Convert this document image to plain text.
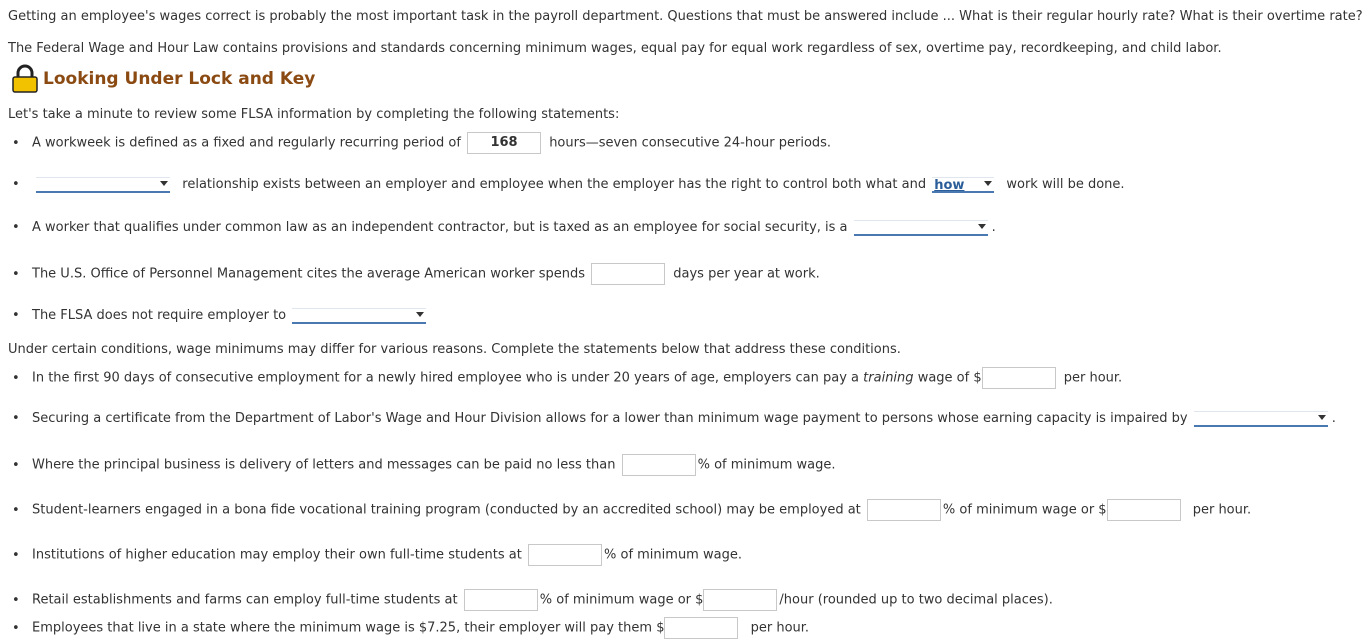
Getting an employee's wages correct is probably the most important task in the payroll department. Questions that must be answered include ... What is their regular hourly rate? What is their overtime rate?
The Federal Wage and Hour Law contains provisions and standards concerning minimum wages, equal pay for equal work regardless of sex, overtime pay, recordkeeping, and child labor.
Looking Under Lock and Key
Let's take a minute to review some FLSA information by completing the following statements:
• A workweek is defined as a fixed and regularly recurring period of 168 hours—seven consecutive 24-hour periods.
•	relationship exists between an employer and employee when the employer has the right to control both what and how	work will be done.
• A worker that qualifies under common law as an independent contractor, but is taxed as an employee for social security, is a	.
• The U.S. Office of Personnel Management cites the average American worker spends	days per year at work.
• The FLSA does not require employer to
Under certain conditions, wage minimums may differ for various reasons. Complete the statements below that address these conditions.
• In the first 90 days of consecutive employment for a newly hired employee who is under 20 years of age, employers can pay a training wage of $	per hour.
• Securing a certificate from the Department of Labor's Wage and Hour Division allows for a lower than minimum wage payment to persons whose earning capacity is impaired by	.
• Where the principal business is delivery of letters and messages can be paid no less than	% of minimum wage.
• Student-learners engaged in a bona fide vocational training program (conducted by an accredited school) may be employed at	% of minimum wage or $	per hour.
• Institutions of higher education may employ their own full-time students at	% of minimum wage.
• Retail establishments and farms can employ full-time students at	% of minimum wage or $	/hour (rounded up to two decimal places).
• Employees that live in a state where the minimum wage is $7.25, their employer will pay them $	per hour.
